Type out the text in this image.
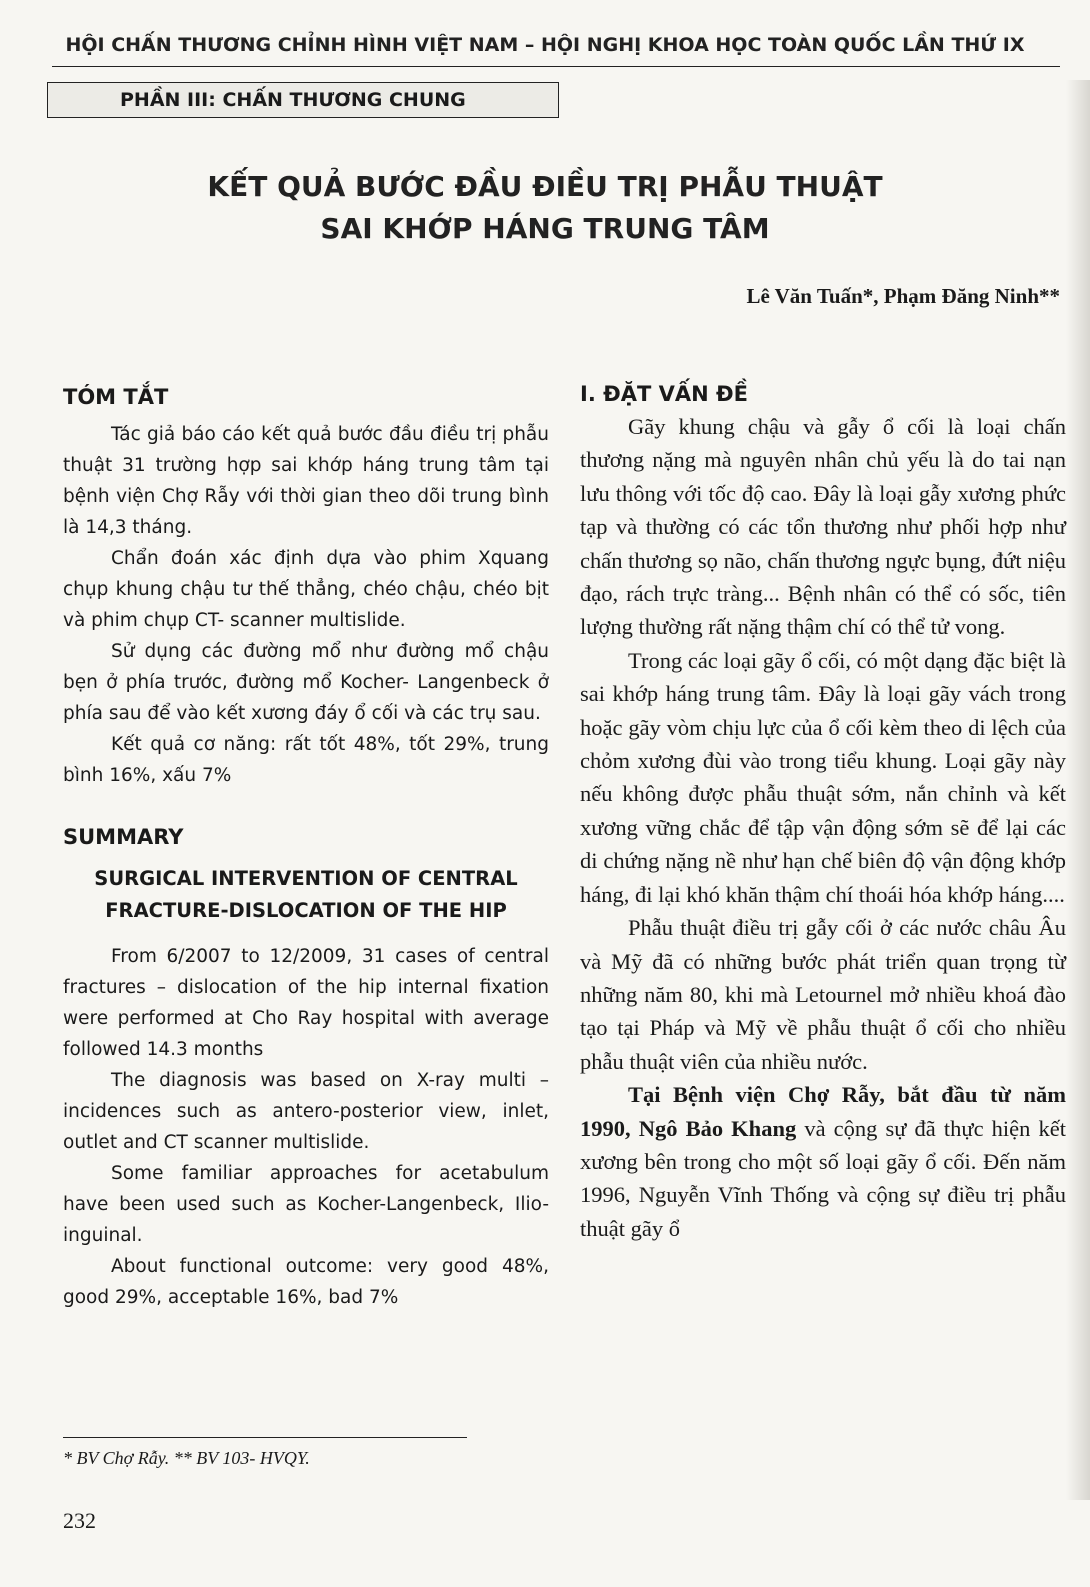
HỘI CHẤN THƯƠNG CHỈNH HÌNH VIỆT NAM – HỘI NGHỊ KHOA HỌC TOÀN QUỐC LẦN THỨ IX
PHẦN III: CHẤN THƯƠNG CHUNG
KẾT QUẢ BƯỚC ĐẦU ĐIỀU TRỊ PHẪU THUẬT
SAI KHỚP HÁNG TRUNG TÂM
Lê Văn Tuấn*, Phạm Đăng Ninh**
TÓM TẮT

Tác giả báo cáo kết quả bước đầu điều trị phẫu thuật 31 trường hợp sai khớp háng trung tâm tại bệnh viện Chợ Rẫy với thời gian theo dõi trung bình là 14,3 tháng.

Chẩn đoán xác định dựa vào phim Xquang chụp khung chậu tư thế thẳng, chéo chậu, chéo bịt và phim chụp CT- scanner multislide.

Sử dụng các đường mổ như đường mổ chậu bẹn ở phía trước, đường mổ Kocher- Langenbeck ở phía sau để vào kết xương đáy ổ cối và các trụ sau.

Kết quả cơ năng: rất tốt 48%, tốt 29%, trung bình 16%, xấu 7%

SUMMARY
SURGICAL INTERVENTION OF CENTRAL
FRACTURE-DISLOCATION OF THE HIP

From 6/2007 to 12/2009, 31 cases of central fractures – dislocation of the hip internal fixation were performed at Cho Ray hospital with average followed 14.3 months

The diagnosis was based on X-ray multi – incidences such as antero-posterior view, inlet, outlet and CT scanner multislide.

Some familiar approaches for acetabulum have been used such as Kocher-Langenbeck, Ilio-inguinal.

About functional outcome: very good 48%, good 29%, acceptable 16%, bad 7%

I. ĐẶT VẤN ĐỀ

Gãy khung chậu và gẫy ổ cối là loại chấn thương nặng mà nguyên nhân chủ yếu là do tai nạn lưu thông với tốc độ cao. Đây là loại gẫy xương phức tạp và thường có các tổn thương như phối hợp như chấn thương sọ não, chấn thương ngực bụng, đứt niệu đạo, rách trực tràng... Bệnh nhân có thể có sốc, tiên lượng thường rất nặng thậm chí có thể tử vong.

Trong các loại gãy ổ cối, có một dạng đặc biệt là sai khớp háng trung tâm. Đây là loại gãy vách trong hoặc gãy vòm chịu lực của ổ cối kèm theo di lệch của chỏm xương đùi vào trong tiểu khung. Loại gãy này nếu không được phẫu thuật sớm, nắn chỉnh và kết xương vững chắc để tập vận động sớm sẽ để lại các di chứng nặng nề như hạn chế biên độ vận động khớp háng, đi lại khó khăn thậm chí thoái hóa khớp háng....

Phẫu thuật điều trị gẫy cối ở các nước châu Âu và Mỹ đã có những bước phát triển quan trọng từ những năm 80, khi mà Letournel mở nhiều khoá đào tạo tại Pháp và Mỹ về phẫu thuật ổ cối cho nhiều phẫu thuật viên của nhiều nước.

Tại Bệnh viện Chợ Rẫy, bắt đầu từ năm 1990, Ngô Bảo Khang và cộng sự đã thực hiện kết xương bên trong cho một số loại gãy ổ cối. Đến năm 1996, Nguyễn Vĩnh Thống và cộng sự điều trị phẫu thuật gãy ổ

* BV Chợ Rẫy. ** BV 103- HVQY.
232
